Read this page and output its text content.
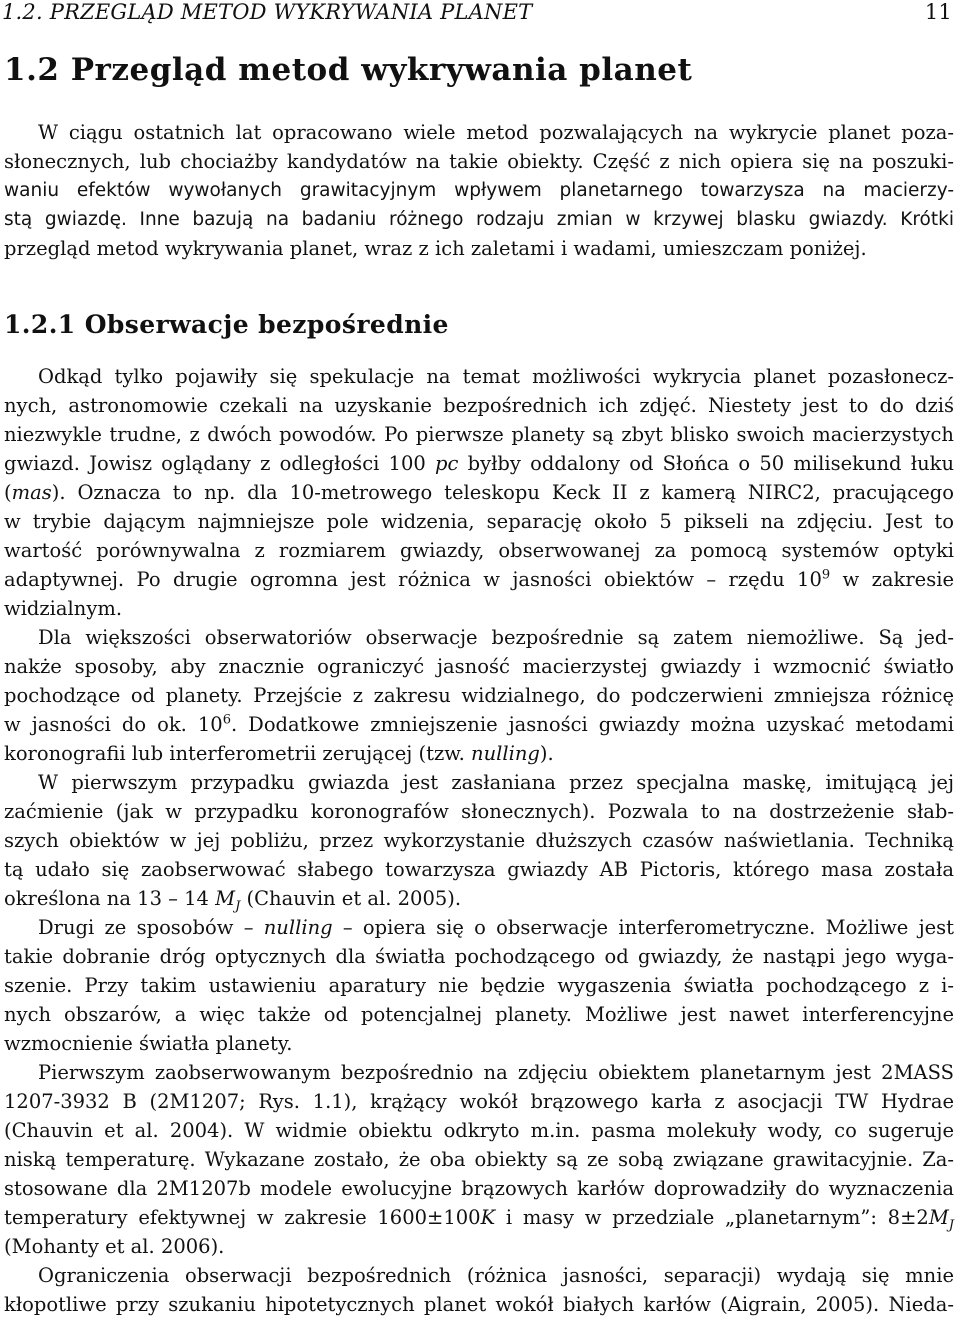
1.2. PRZEGLĄD METOD WYKRYWANIA PLANET	11
1.2 Przegląd metod wykrywania planet
W ciągu ostatnich lat opracowano wiele metod pozwalających na wykrycie planet poza-
słonecznych, lub chociażby kandydatów na takie obiekty. Część z nich opiera się na poszuki-
waniu efektów wywołanych grawitacyjnym wpływem planetarnego towarzysza na macierzy-
stą gwiazdę. Inne bazują na badaniu różnego rodzaju zmian w krzywej blasku gwiazdy. Krótki
przegląd metod wykrywania planet, wraz z ich zaletami i wadami, umieszczam poniżej.
1.2.1 Obserwacje bezpośrednie
Odkąd tylko pojawiły się spekulacje na temat możliwości wykrycia planet pozasłonecz-
nych, astronomowie czekali na uzyskanie bezpośrednich ich zdjęć. Niestety jest to do dziś
niezwykle trudne, z dwóch powodów. Po pierwsze planety są zbyt blisko swoich macierzystych
gwiazd. Jowisz oglądany z odległości 100 pc byłby oddalony od Słońca o 50 milisekund łuku
(mas). Oznacza to np. dla 10-metrowego teleskopu Keck II z kamerą NIRC2, pracującego
w trybie dającym najmniejsze pole widzenia, separację około 5 pikseli na zdjęciu. Jest to
wartość porównywalna z rozmiarem gwiazdy, obserwowanej za pomocą systemów optyki
adaptywnej. Po drugie ogromna jest różnica w jasności obiektów – rzędu $10^9$ w zakresie
widzialnym.
Dla większości obserwatoriów obserwacje bezpośrednie są zatem niemożliwe. Są jed-
nakże sposoby, aby znacznie ograniczyć jasność macierzystej gwiazdy i wzmocnić światło
pochodzące od planety. Przejście z zakresu widzialnego, do podczerwieni zmniejsza różnicę
w jasności do ok. $10^6$. Dodatkowe zmniejszenie jasności gwiazdy można uzyskać metodami
koronografii lub interferometrii zerującej (tzw. nulling).
W pierwszym przypadku gwiazda jest zasłaniana przez specjalna maskę, imitującą jej
zaćmienie (jak w przypadku koronografów słonecznych). Pozwala to na dostrzeżenie słab-
szych obiektów w jej pobliżu, przez wykorzystanie dłuższych czasów naświetlania. Techniką
tą udało się zaobserwować słabego towarzysza gwiazdy AB Pictoris, którego masa została
określona na 13 – 14 $M_J$ (Chauvin et al. 2005).
Drugi ze sposobów – nulling – opiera się o obserwacje interferometryczne. Możliwe jest
takie dobranie dróg optycznych dla światła pochodzącego od gwiazdy, że nastąpi jego wyga-
szenie. Przy takim ustawieniu aparatury nie będzie wygaszenia światła pochodzącego z i-
nych obszarów, a więc także od potencjalnej planety. Możliwe jest nawet interferencyjne
wzmocnienie światła planety.
Pierwszym zaobserwowanym bezpośrednio na zdjęciu obiektem planetarnym jest 2MASS
1207-3932 B (2M1207; Rys. 1.1), krążący wokół brązowego karła z asocjacji TW Hydrae
(Chauvin et al. 2004). W widmie obiektu odkryto m.in. pasma molekuły wody, co sugeruje
niską temperaturę. Wykazane zostało, że oba obiekty są ze sobą związane grawitacyjnie. Za-
stosowane dla 2M1207b modele ewolucyjne brązowych karłów doprowadziły do wyznaczenia
temperatury efektywnej w zakresie 1600±100K i masy w przedziale „planetarnym”: $8\pm 2M_J$
(Mohanty et al. 2006).
Ograniczenia obserwacji bezpośrednich (różnica jasności, separacji) wydają się mnie
kłopotliwe przy szukaniu hipotetycznych planet wokół białych karłów (Aigrain, 2005). Nieda-
